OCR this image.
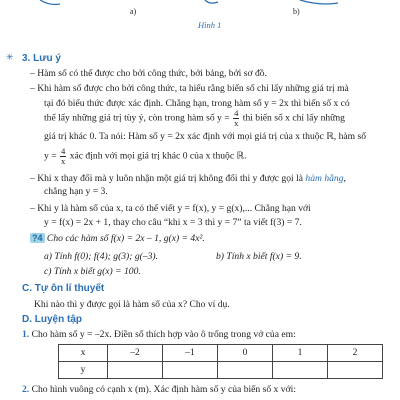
a)	b)
Hình 1
✳ 3. Lưu ý
– Hàm số có thể được cho bởi công thức, bởi bảng, bởi sơ đồ.
– Khi hàm số được cho bởi công thức, ta hiểu rằng biến số chỉ lấy những giá trị mà
tại đó biểu thức được xác định. Chẳng hạn, trong hàm số y = 2x thì biến số x có
thể lấy những giá trị tùy ý, còn trong hàm số $y = \frac{4}{x}$ thì biến số x chỉ lấy những
giá trị khác 0. Ta nói: Hàm số y = 2x xác định với mọi giá trị của x thuộc ℝ, hàm số
$y = \frac{4}{x}$ xác định với mọi giá trị khác 0 của x thuộc ℝ.
– Khi x thay đổi mà y luôn nhận một giá trị không đổi thì y được gọi là hàm hằng,
chẳng hạn y = 3.
– Khi y là hàm số của x, ta có thể viết y = f(x), y = g(x),... Chẳng hạn với
y = f(x) = 2x + 1, thay cho câu “khi x = 3 thì y = 7” ta viết f(3) = 7.
?4 Cho các hàm số f(x) = 2x – 1, g(x) = 4x².
a) Tính f(0); f(4); g(3); g(–3).	b) Tính x biết f(x) = 9.
c) Tính x biết g(x) = 100.
C. Tự ôn lí thuyết
Khi nào thì y được gọi là hàm số của x? Cho ví dụ.
D. Luyện tập
1. Cho hàm số y = –2x. Điền số thích hợp vào ô trống trong vở của em:
x	–2	–1	0	1	2
y					
2. Cho hình vuông có cạnh x (m). Xác định hàm số y của biến số x với:
